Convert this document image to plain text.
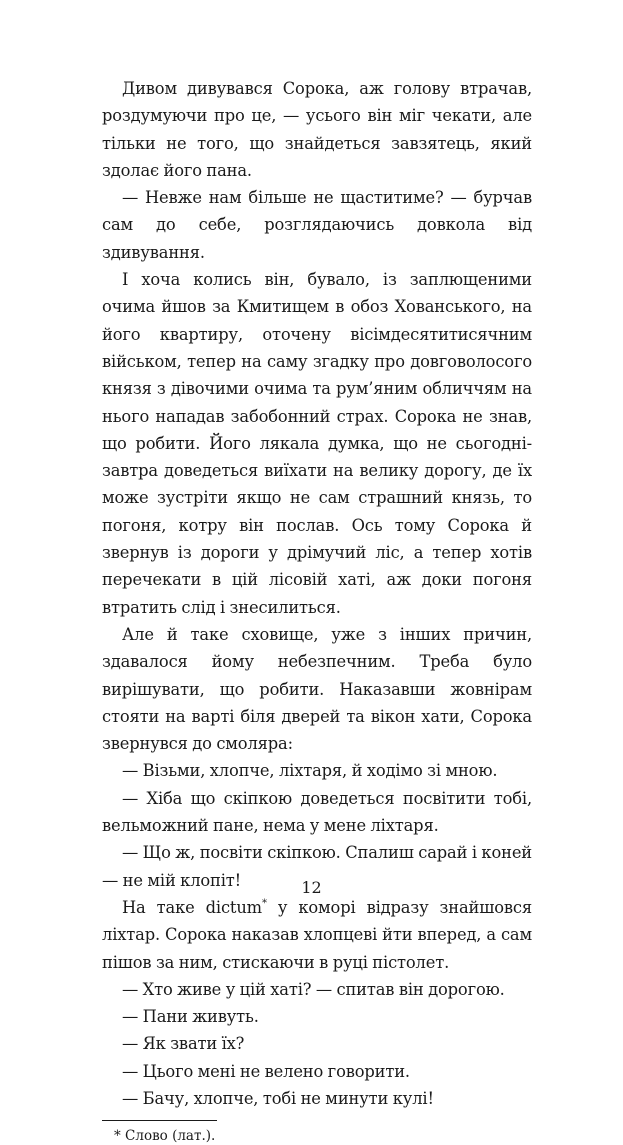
Дивом дивувався Сорока, аж голову втрачав, роздумуючи про це, — усього він міг чекати, але тільки не того, що знайдеться завзятець, який здолає його пана.

— Невже нам більше не щаститиме? — бурчав сам до себе, розглядаючись довкола від здивування.

І хоча колись він, бувало, із заплющеними очима йшов за Кмитищем в обоз Хованського, на його квартиру, оточену вісімдесятитисячним військом, тепер на саму згадку про довговолосого князя з дівочими очима та рум’яним обличчям на нього нападав забобонний страх. Сорока не знав, що робити. Його лякала думка, що не сьогодні-завтра доведеться виїхати на велику дорогу, де їх може зустріти якщо не сам страшний князь, то погоня, котру він послав. Ось тому Сорока й звернув із дороги у дрімучий ліс, а тепер хотів перечекати в цій лісовій хаті, аж доки погоня втратить слід і знесилиться.

Але й таке сховище, уже з інших причин, здавалося йому небезпечним. Треба було вирішувати, що робити. Наказавши жовнірам стояти на варті біля дверей та вікон хати, Сорока звернувся до смоляра:

— Візьми, хлопче, ліхтаря, й ходімо зі мною.

— Хіба що скіпкою доведеться посвітити тобі, вельможний пане, нема у мене ліхтаря.

— Що ж, посвіти скіпкою. Спалиш сарай і коней — не мій клопіт!

На таке dictum* у коморі відразу знайшовся ліхтар. Сорока наказав хлопцеві йти вперед, а сам пішов за ним, стискаючи в руці пістолет.

— Хто живе у цій хаті? — спитав він дорогою.

— Пани живуть.

— Як звати їх?

— Цього мені не велено говорити.

— Бачу, хлопче, тобі не минути кулі!

* Слово (лат.).

12
